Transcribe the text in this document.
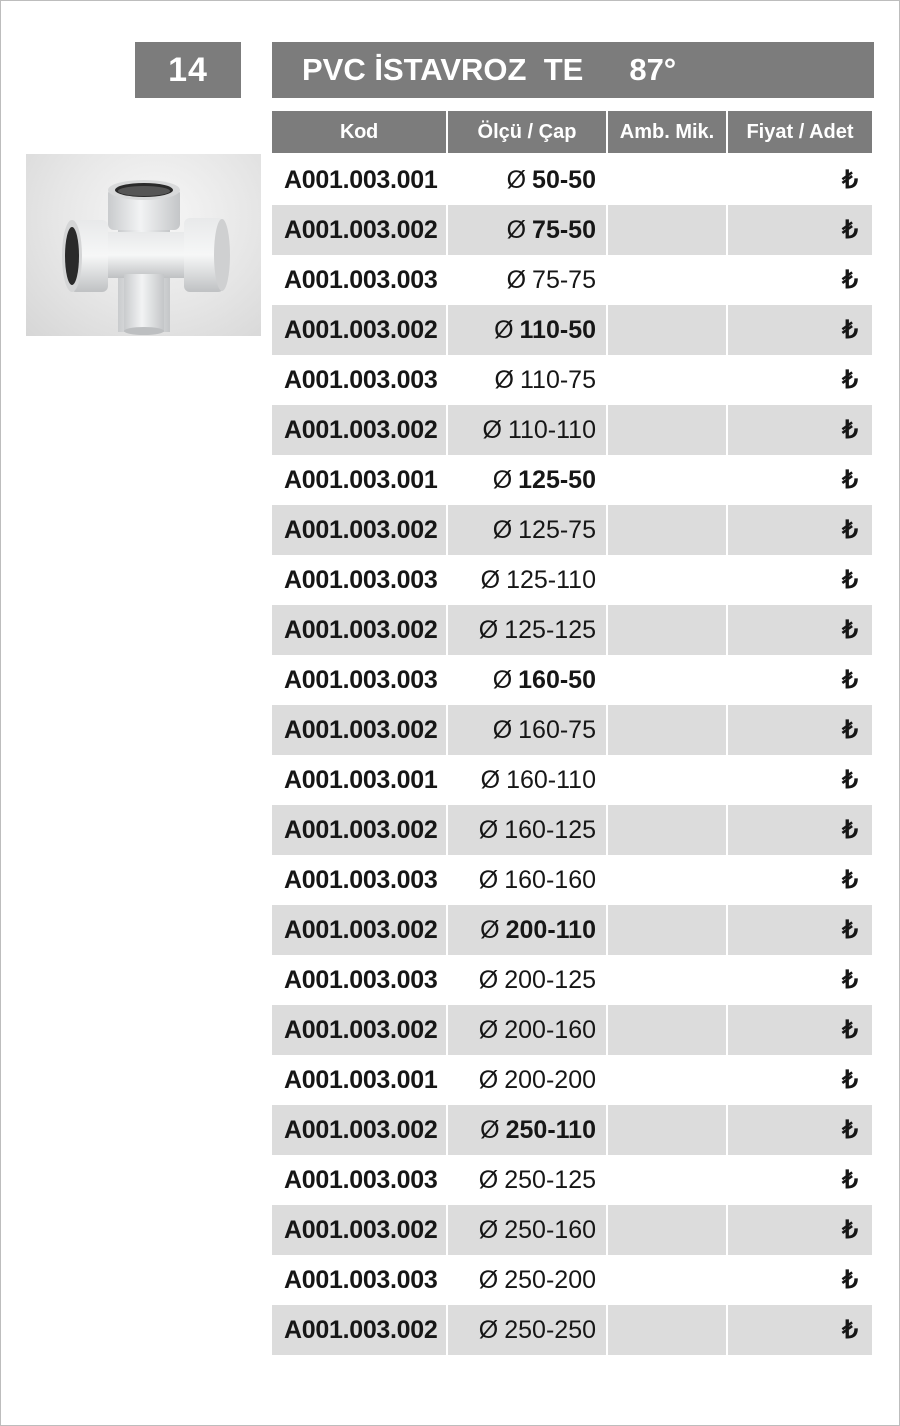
14	PVC İSTAVROZ  TE 87°
Kod	Ölçü / Çap	Amb. Mik.	Fiyat / Adet
A001.003.001	Ø 50-50		₺
A001.003.002	Ø 75-50		₺
A001.003.003	Ø 75-75		₺
A001.003.002	Ø 110-50		₺
A001.003.003	Ø 110-75		₺
A001.003.002	Ø 110-110		₺
A001.003.001	Ø 125-50		₺
A001.003.002	Ø 125-75		₺
A001.003.003	Ø 125-110		₺
A001.003.002	Ø 125-125		₺
A001.003.003	Ø 160-50		₺
A001.003.002	Ø 160-75		₺
A001.003.001	Ø 160-110		₺
A001.003.002	Ø 160-125		₺
A001.003.003	Ø 160-160		₺
A001.003.002	Ø 200-110		₺
A001.003.003	Ø 200-125		₺
A001.003.002	Ø 200-160		₺
A001.003.001	Ø 200-200		₺
A001.003.002	Ø 250-110		₺
A001.003.003	Ø 250-125		₺
A001.003.002	Ø 250-160		₺
A001.003.003	Ø 250-200		₺
A001.003.002	Ø 250-250		₺
